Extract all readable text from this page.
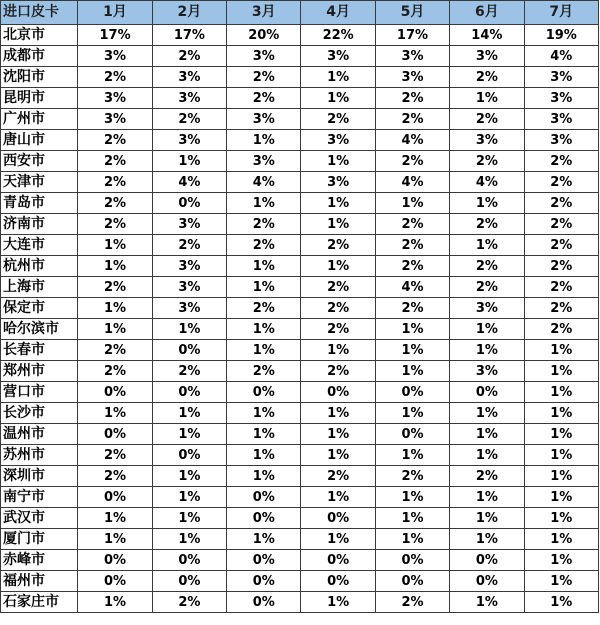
进口皮卡	1月	2月	3月	4月	5月	6月	7月
北京市	17%	17%	20%	22%	17%	14%	19%
成都市	3%	2%	3%	3%	3%	3%	4%
沈阳市	2%	3%	2%	1%	3%	2%	3%
昆明市	3%	3%	2%	1%	2%	1%	3%
广州市	3%	2%	3%	2%	2%	2%	3%
唐山市	2%	3%	1%	3%	4%	3%	3%
西安市	2%	1%	3%	1%	2%	2%	2%
天津市	2%	4%	4%	3%	4%	4%	2%
青岛市	2%	0%	1%	1%	1%	1%	2%
济南市	2%	3%	2%	1%	2%	2%	2%
大连市	1%	2%	2%	2%	2%	1%	2%
杭州市	1%	3%	1%	1%	2%	2%	2%
上海市	2%	3%	1%	2%	4%	2%	2%
保定市	1%	3%	2%	2%	2%	3%	2%
哈尔滨市	1%	1%	1%	2%	1%	1%	2%
长春市	2%	0%	1%	1%	1%	1%	1%
郑州市	2%	2%	2%	2%	1%	3%	1%
营口市	0%	0%	0%	0%	0%	0%	1%
长沙市	1%	1%	1%	1%	1%	1%	1%
温州市	0%	1%	1%	1%	0%	1%	1%
苏州市	2%	0%	1%	1%	1%	1%	1%
深圳市	2%	1%	1%	2%	2%	2%	1%
南宁市	0%	1%	0%	1%	1%	1%	1%
武汉市	1%	1%	0%	0%	1%	1%	1%
厦门市	1%	1%	1%	1%	1%	1%	1%
赤峰市	0%	0%	0%	0%	0%	0%	1%
福州市	0%	0%	0%	0%	0%	0%	1%
石家庄市	1%	2%	0%	1%	2%	1%	1%
